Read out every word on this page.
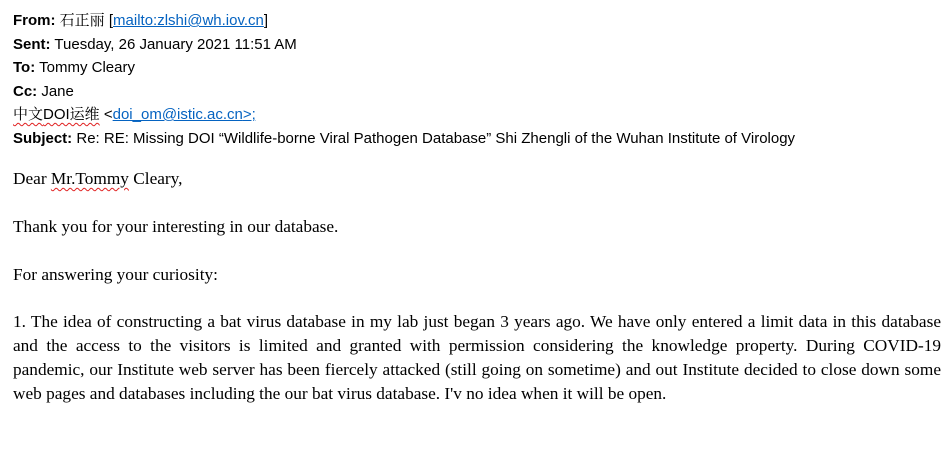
From: 石正丽 [mailto:zlshi@wh.iov.cn]
Sent: Tuesday, 26 January 2021 11:51 AM
To: Tommy Cleary
Cc: Jane
中文DOI运维 <doi_om@istic.ac.cn>;
Subject: Re: RE: Missing DOI “Wildlife-borne Viral Pathogen Database” Shi Zhengli of the Wuhan Institute of Virology
Dear Mr.Tommy Cleary,
Thank you for your interesting in our database.
For answering your curiosity:
1. The idea of constructing a bat virus database in my lab just began 3 years ago. We have only entered a limit data in this database and the access to the visitors is limited and granted with permission considering the knowledge property. During COVID-19 pandemic, our Institute web server has been fiercely attacked (still going on sometime) and out Institute decided to close down some web pages and databases including the our bat virus database. I'v no idea when it will be open.
